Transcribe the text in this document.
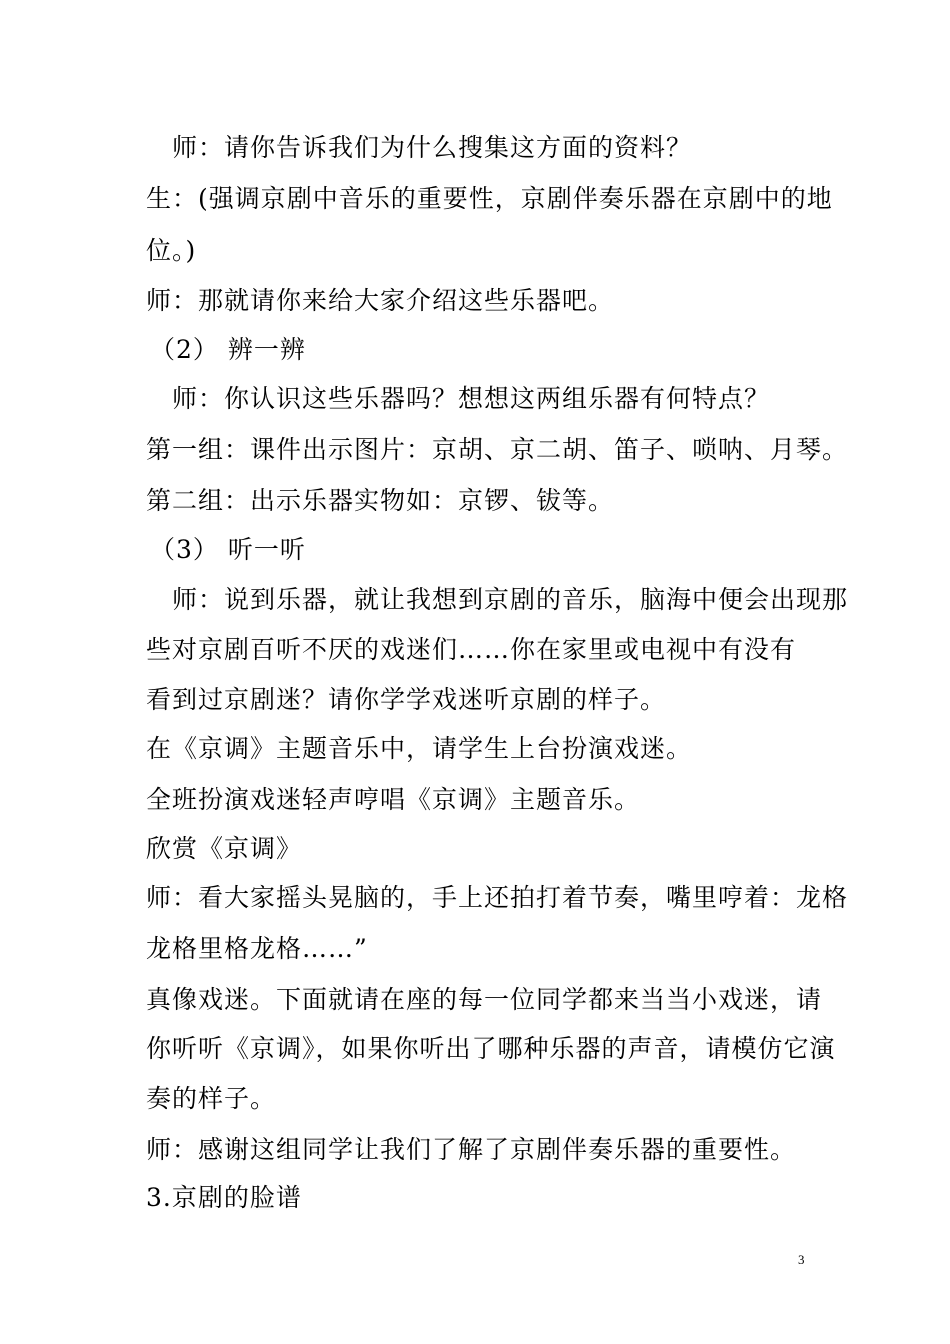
师：请你告诉我们为什么搜集这方面的资料？
生：(强调京剧中音乐的重要性，京剧伴奏乐器在京剧中的地
位。)
师：那就请你来给大家介绍这些乐器吧。
（2） 辨一辨
师：你认识这些乐器吗？想想这两组乐器有何特点？
第一组：课件出示图片：京胡、京二胡、笛子、唢呐、月琴。
第二组：出示乐器实物如：京锣、钹等。
（3） 听一听
师：说到乐器，就让我想到京剧的音乐，脑海中便会出现那
些对京剧百听不厌的戏迷们……你在家里或电视中有没有
看到过京剧迷？请你学学戏迷听京剧的样子。
在《京调》主题音乐中，请学生上台扮演戏迷。
全班扮演戏迷轻声哼唱《京调》主题音乐。
欣赏《京调》
师：看大家摇头晃脑的，手上还拍打着节奏，嘴里哼着：龙格
龙格里格龙格……”
真像戏迷。下面就请在座的每一位同学都来当当小戏迷，请
你听听《京调》，如果你听出了哪种乐器的声音，请模仿它演
奏的样子。
师：感谢这组同学让我们了解了京剧伴奏乐器的重要性。
3.京剧的脸谱
3
